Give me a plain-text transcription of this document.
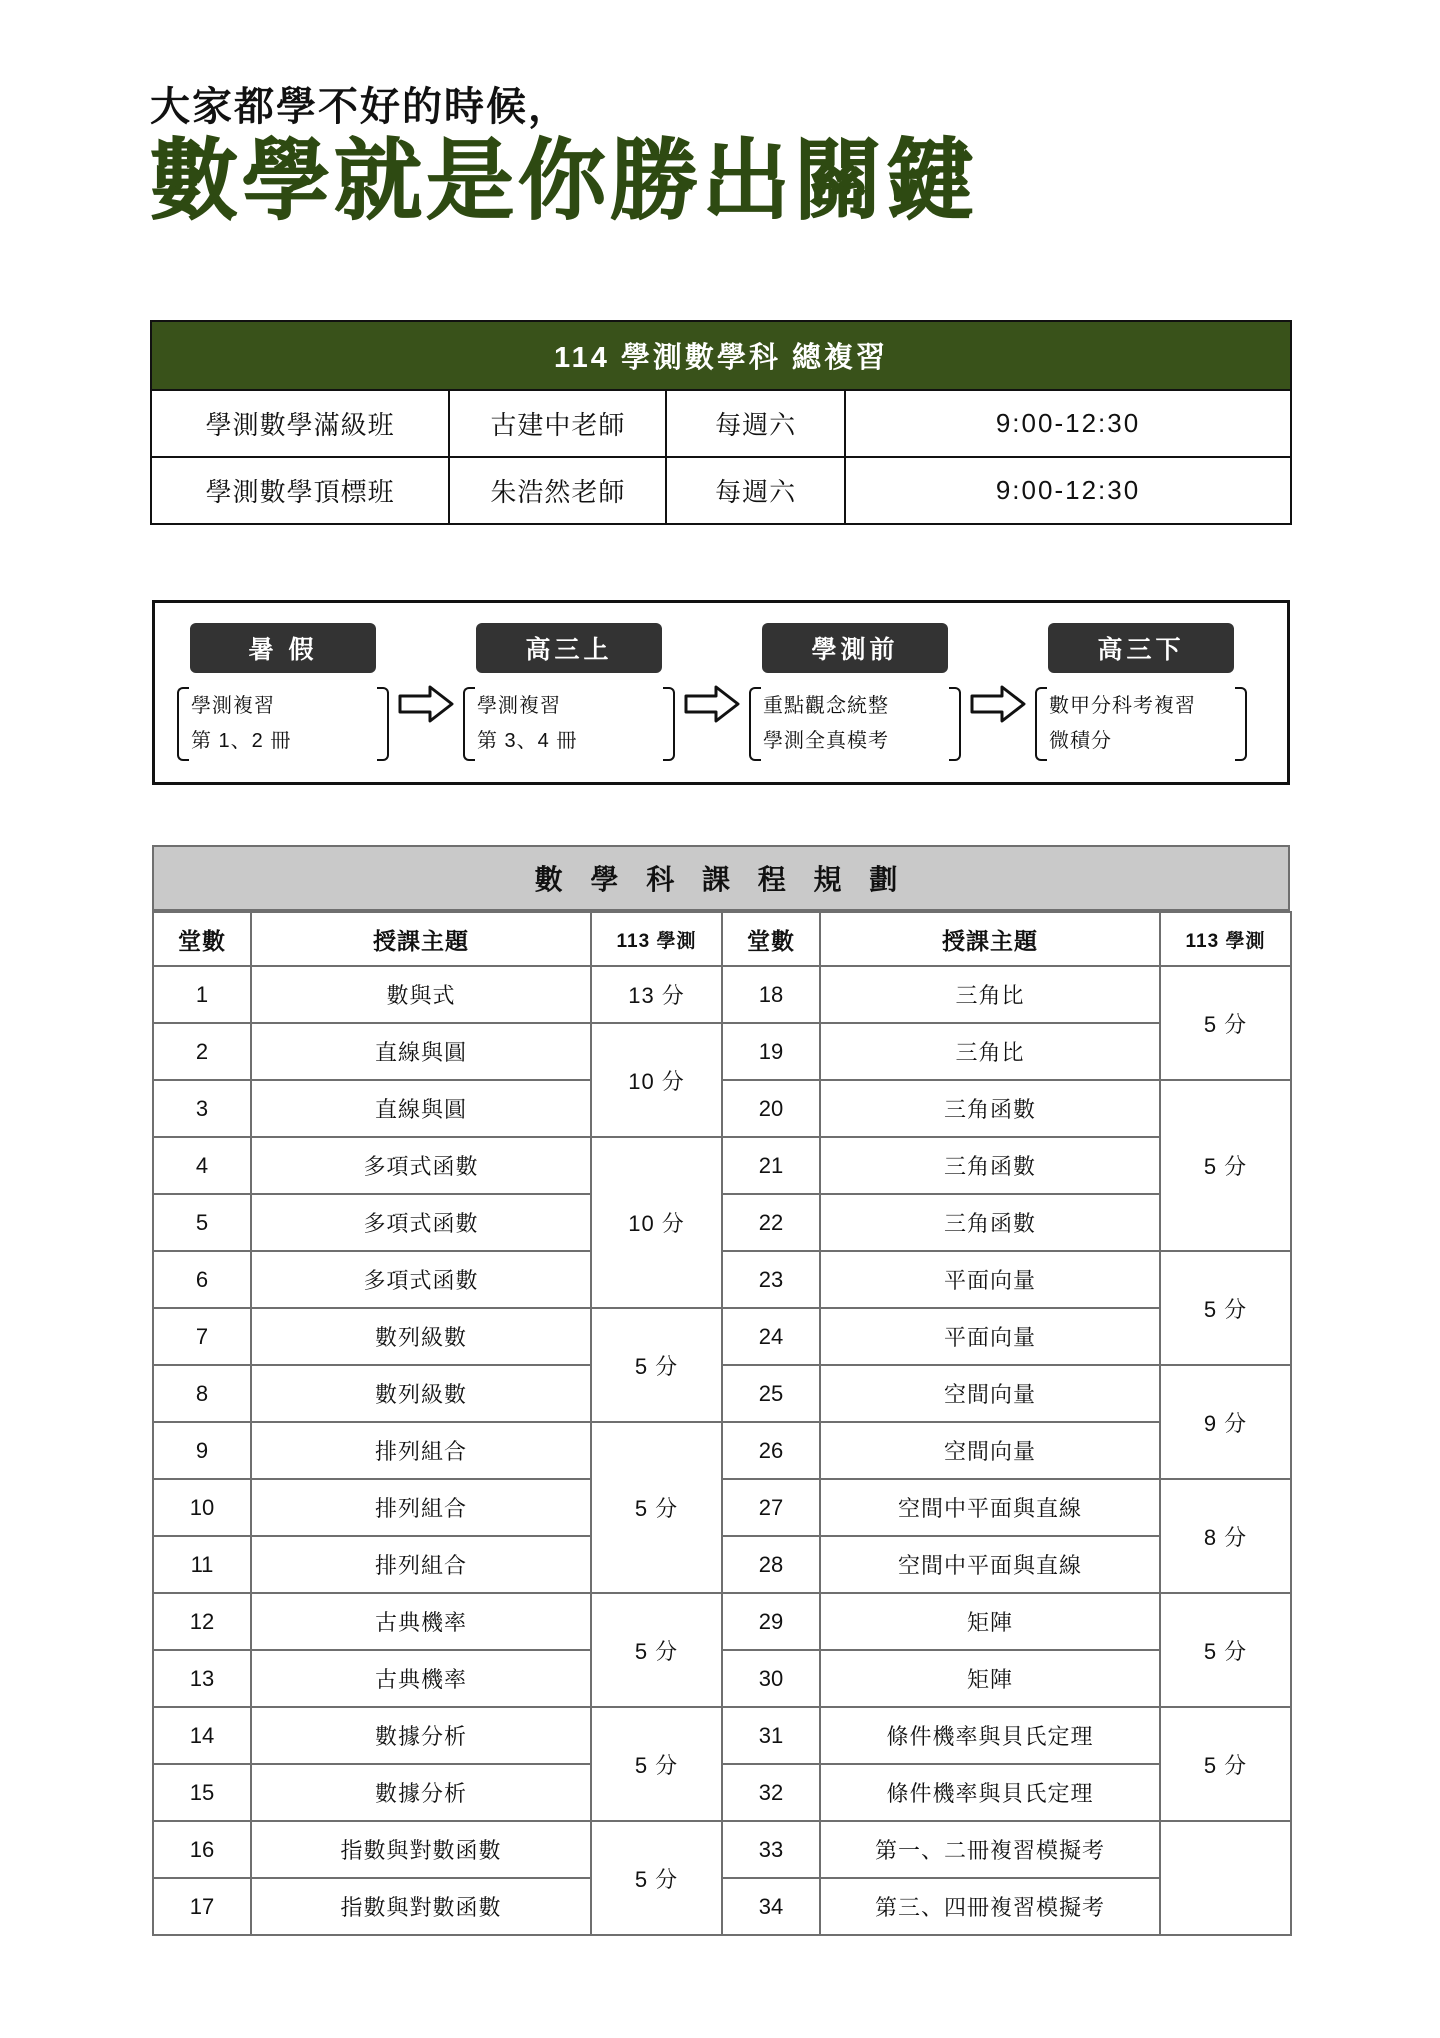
大家都學不好的時候，
數學就是你勝出關鍵
114 學測數學科 總複習			
學測數學滿級班	古建中老師	每週六	9:00-12:30
學測數學頂標班	朱浩然老師	每週六	9:00-12:30
暑 假
學測複習
第 1、2 冊
高三上
學測複習
第 3、4 冊
學測前
重點觀念統整
學測全真模考
高三下
數甲分科考複習
微積分
數 學 科 課 程 規 劃
堂數	授課主題	113 學測	堂數	授課主題	113 學測
1	數與式	13 分	18	三角比	5 分
2	直線與圓	10 分	19	三角比	
3	直線與圓		20	三角函數	5 分
4	多項式函數	10 分	21	三角函數	
5	多項式函數		22	三角函數	
6	多項式函數		23	平面向量	5 分
7	數列級數	5 分	24	平面向量	
8	數列級數		25	空間向量	9 分
9	排列組合	5 分	26	空間向量	
10	排列組合		27	空間中平面與直線	8 分
11	排列組合		28	空間中平面與直線	
12	古典機率	5 分	29	矩陣	5 分
13	古典機率		30	矩陣	
14	數據分析	5 分	31	條件機率與貝氏定理	5 分
15	數據分析		32	條件機率與貝氏定理	
16	指數與對數函數	5 分	33	第一、二冊複習模擬考	
17	指數與對數函數		34	第三、四冊複習模擬考	
